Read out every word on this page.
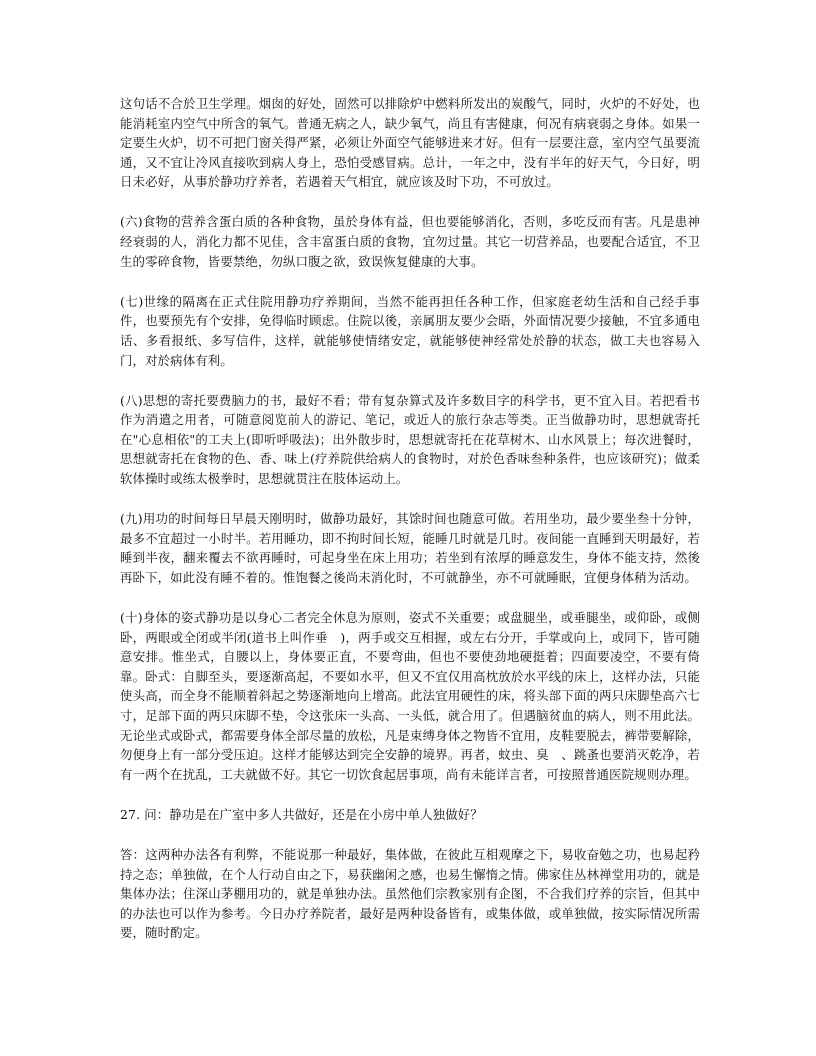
这句话不合於卫生学理。烟囱的好处，固然可以排除炉中燃料所发出的炭酸气，同时，火炉的不好处，也能消耗室内空气中所含的氧气。普通无病之人，缺少氧气，尚且有害健康，何况有病衰弱之身体。如果一定要生火炉，切不可把门窗关得严紧，必须让外面空气能够进来才好。但有一层要注意，室内空气虽要流通，又不宜让冷风直接吹到病人身上，恐怕受感冒病。总计，一年之中，没有半年的好天气，今日好，明日未必好，从事於静功疗养者，若遇着天气相宜，就应该及时下功，不可放过。

(六)食物的营养含蛋白质的各种食物，虽於身体有益，但也要能够消化，否则，多吃反而有害。凡是患神经衰弱的人，消化力都不见佳，含丰富蛋白质的食物，宜勿过量。其它一切营养品，也要配合适宜，不卫生的零碎食物，皆要禁绝，勿纵口腹之欲，致误恢复健康的大事。

(七)世缘的隔离在正式住院用静功疗养期间，当然不能再担任各种工作，但家庭老幼生活和自己经手事件，也要预先有个安排，免得临时顾虑。住院以後，亲属朋友要少会晤，外面情况要少接触，不宜多通电话、多看报纸、多写信件，这样，就能够使情绪安定，就能够使神经常处於静的状态，做工夫也容易入门，对於病体有利。

(八)思想的寄托要费脑力的书，最好不看；带有复杂算式及许多数目字的科学书，更不宜入目。若把看书作为消遣之用者，可随意阅览前人的游记、笔记，或近人的旅行杂志等类。正当做静功时，思想就寄托在"心息相依"的工夫上(即听呼吸法)；出外散步时，思想就寄托在花草树木、山水风景上；每次进餐时，思想就寄托在食物的色、香、味上(疗养院供给病人的食物时，对於色香味叁种条件，也应该研究)；做柔软体操时或练太极拳时，思想就贯注在肢体运动上。

(九)用功的时间每日早晨天刚明时，做静功最好，其馀时间也随意可做。若用坐功，最少要坐叁十分钟，最多不宜超过一小时半。若用睡功，即不拘时间长短，能睡几时就是几时。夜间能一直睡到天明最好，若睡到半夜，翻来覆去不欲再睡时，可起身坐在床上用功；若坐到有浓厚的睡意发生，身体不能支持，然後再卧下，如此没有睡不着的。惟饱餐之後尚未消化时，不可就静坐，亦不可就睡眠，宜便身体稍为活动。

(十)身体的姿式静功是以身心二者完全休息为原则，姿式不关重要；或盘腿坐，或垂腿坐，或仰卧，或侧卧，两眼或全闭或半闭(道书上叫作垂　)，两手或交互相握，或左右分开，手掌或向上，或同下，皆可随意安排。惟坐式，自腰以上，身体要正直，不要弯曲，但也不要使劲地硬挺着；四面要凌空，不要有倚靠。卧式：自脚至头，要逐渐高起，不要如水平，但又不宜仅用高枕放於水平线的床上，这样办法，只能使头高，而全身不能顺着斜起之势逐渐地向上增高。此法宜用硬性的床，将头部下面的两只床脚垫高六七寸，足部下面的两只床脚不垫，令这张床一头高、一头低，就合用了。但遇脑贫血的病人，则不用此法。无论坐式或卧式，都需要身体全部尽量的放松，凡是束缚身体之物皆不宜用，皮鞋要脱去，裤带要解除，勿便身上有一部分受压迫。这样才能够达到完全安静的境界。再者，蚊虫、臭　、跳蚤也要消灭乾净，若有一两个在扰乱，工夫就做不好。其它一切饮食起居事项，尚有未能详言者，可按照普通医院规则办理。

27. 问：静功是在广室中多人共做好，还是在小房中单人独做好？

答：这两种办法各有利弊，不能说那一种最好，集体做，在彼此互相观摩之下，易收奋勉之功，也易起矜持之态；单独做，在个人行动自由之下，易获幽闲之感，也易生懈惰之情。佛家住丛林禅堂用功的，就是集体办法；住深山茅棚用功的，就是单独办法。虽然他们宗教家别有企图，不合我们疗养的宗旨，但其中的办法也可以作为参考。今日办疗养院者，最好是两种设备皆有，或集体做，或单独做，按实际情况所需要，随时酌定。
